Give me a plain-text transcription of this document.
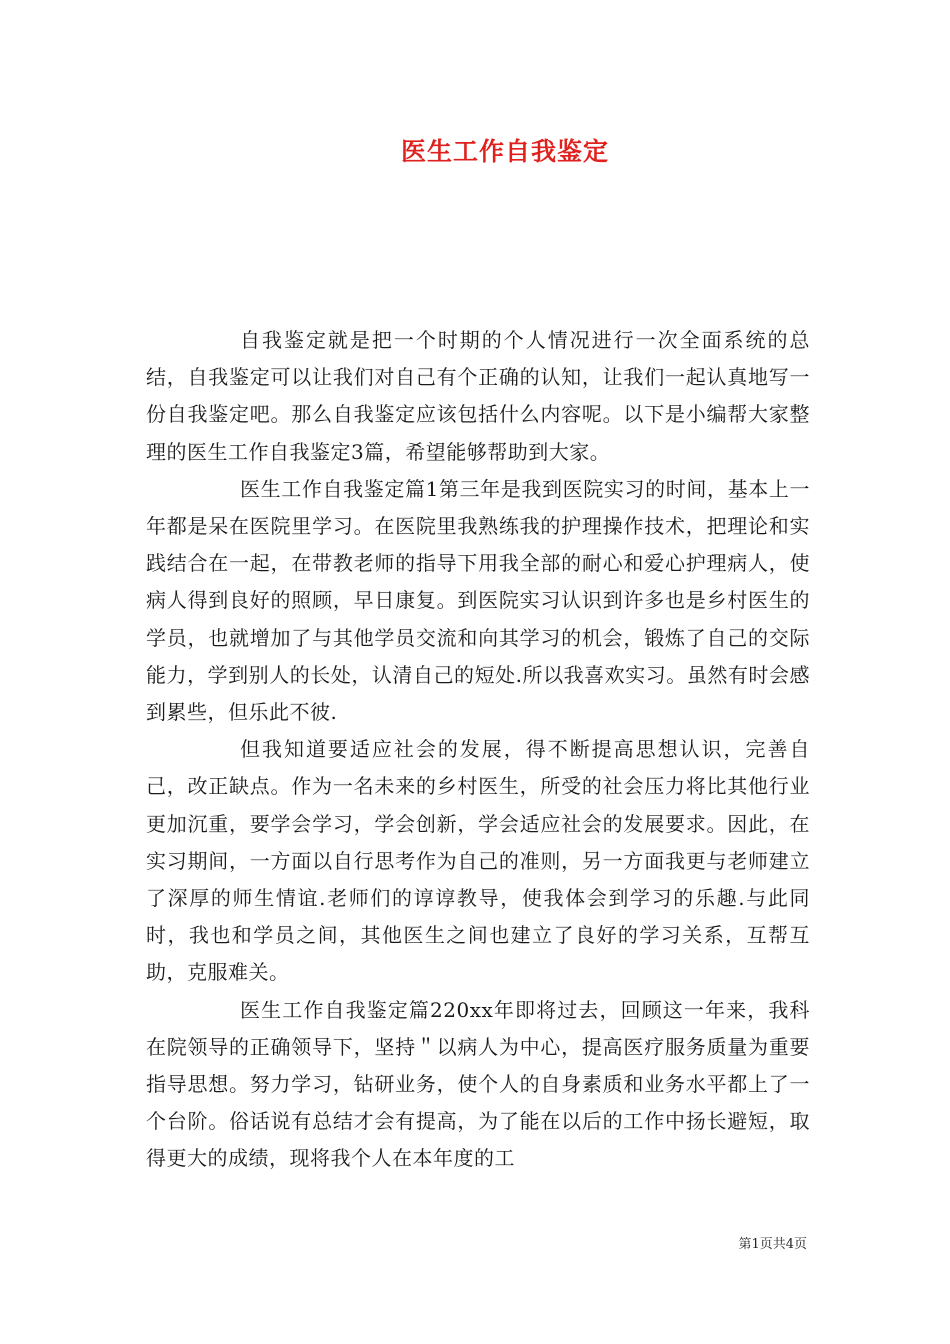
医生工作自我鉴定

自我鉴定就是把一个时期的个人情况进行一次全面系统的总结，自我鉴定可以让我们对自己有个正确的认知，让我们一起认真地写一份自我鉴定吧。那么自我鉴定应该包括什么内容呢。以下是小编帮大家整理的医生工作自我鉴定3篇，希望能够帮助到大家。

医生工作自我鉴定篇1第三年是我到医院实习的时间，基本上一年都是呆在医院里学习。在医院里我熟练我的护理操作技术，把理论和实践结合在一起，在带教老师的指导下用我全部的耐心和爱心护理病人，使病人得到良好的照顾，早日康复。到医院实习认识到许多也是乡村医生的学员，也就增加了与其他学员交流和向其学习的机会，锻炼了自己的交际能力，学到别人的长处，认清自己的短处.所以我喜欢实习。虽然有时会感到累些，但乐此不彼.

但我知道要适应社会的发展，得不断提高思想认识，完善自己，改正缺点。作为一名未来的乡村医生，所受的社会压力将比其他行业更加沉重，要学会学习，学会创新，学会适应社会的发展要求。因此，在实习期间，一方面以自行思考作为自己的准则，另一方面我更与老师建立了深厚的师生情谊.老师们的谆谆教导，使我体会到学习的乐趣.与此同时，我也和学员之间，其他医生之间也建立了良好的学习关系，互帮互助，克服难关。

医生工作自我鉴定篇220xx年即将过去，回顾这一年来，我科在院领导的正确领导下，坚持＂以病人为中心，提高医疗服务质量为重要指导思想。努力学习，钻研业务，使个人的自身素质和业务水平都上了一个台阶。俗话说有总结才会有提高，为了能在以后的工作中扬长避短，取得更大的成绩，现将我个人在本年度的工

第1页共4页
